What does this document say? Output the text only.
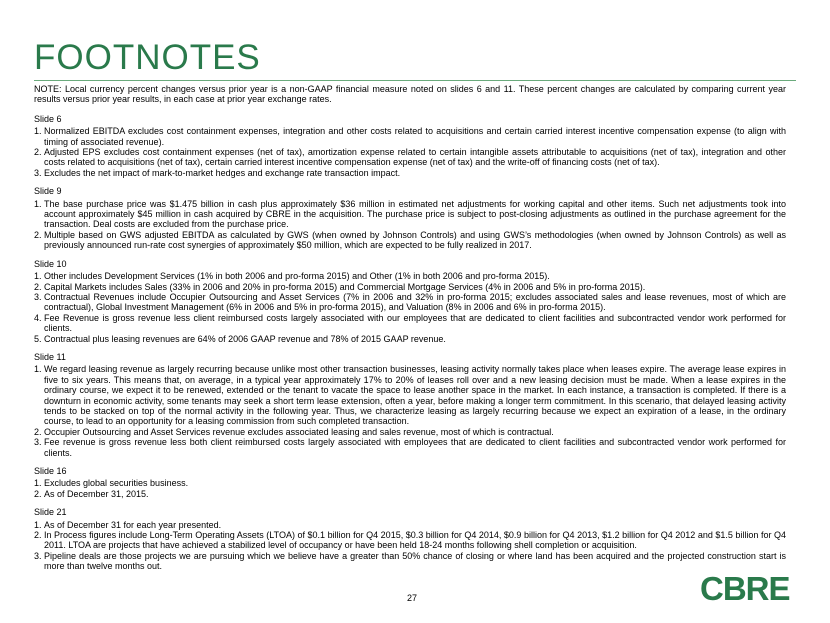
FOOTNOTES

NOTE: Local currency percent changes versus prior year is a non-GAAP financial measure noted on slides 6 and 11. These percent changes are calculated by comparing current year results versus prior year results, in each case at prior year exchange rates.

Slide 6
1. Normalized EBITDA excludes cost containment expenses, integration and other costs related to acquisitions and certain carried interest incentive compensation expense (to align with timing of associated revenue).
2. Adjusted EPS excludes cost containment expenses (net of tax), amortization expense related to certain intangible assets attributable to acquisitions (net of tax), integration and other costs related to acquisitions (net of tax), certain carried interest incentive compensation expense (net of tax) and the write-off of financing costs (net of tax).
3. Excludes the net impact of mark-to-market hedges and exchange rate transaction impact.
Slide 9
1. The base purchase price was $1.475 billion in cash plus approximately $36 million in estimated net adjustments for working capital and other items. Such net adjustments took into account approximately $45 million in cash acquired by CBRE in the acquisition. The purchase price is subject to post-closing adjustments as outlined in the purchase agreement for the transaction. Deal costs are excluded from the purchase price.
2. Multiple based on GWS adjusted EBITDA as calculated by GWS (when owned by Johnson Controls) and using GWS’s methodologies (when owned by Johnson Controls) as well as previously announced run-rate cost synergies of approximately $50 million, which are expected to be fully realized in 2017.
Slide 10
1. Other includes Development Services (1% in both 2006 and pro-forma 2015) and Other (1% in both 2006 and pro-forma 2015).
2. Capital Markets includes Sales (33% in 2006 and 20% in pro-forma 2015) and Commercial Mortgage Services (4% in 2006 and 5% in pro-forma 2015).
3. Contractual Revenues include Occupier Outsourcing and Asset Services (7% in 2006 and 32% in pro-forma 2015; excludes associated sales and lease revenues, most of which are contractual), Global Investment Management (6% in 2006 and 5% in pro-forma 2015), and Valuation (8% in 2006 and 6% in pro-forma 2015).
4. Fee Revenue is gross revenue less client reimbursed costs largely associated with our employees that are dedicated to client facilities and subcontracted vendor work performed for clients.
5. Contractual plus leasing revenues are 64% of 2006 GAAP revenue and 78% of 2015 GAAP revenue.
Slide 11
1. We regard leasing revenue as largely recurring because unlike most other transaction businesses, leasing activity normally takes place when leases expire. The average lease expires in five to six years. This means that, on average, in a typical year approximately 17% to 20% of leases roll over and a new leasing decision must be made. When a lease expires in the ordinary course, we expect it to be renewed, extended or the tenant to vacate the space to lease another space in the market. In each instance, a transaction is completed. If there is a downturn in economic activity, some tenants may seek a short term lease extension, often a year, before making a longer term commitment. In this scenario, that delayed leasing activity tends to be stacked on top of the normal activity in the following year. Thus, we characterize leasing as largely recurring because we expect an expiration of a lease, in the ordinary course, to lead to an opportunity for a leasing commission from such completed transaction.
2. Occupier Outsourcing and Asset Services revenue excludes associated leasing and sales revenue, most of which is contractual.
3. Fee revenue is gross revenue less both client reimbursed costs largely associated with employees that are dedicated to client facilities and subcontracted vendor work performed for clients.
Slide 16
1. Excludes global securities business.
2. As of December 31, 2015.
Slide 21
1. As of December 31 for each year presented.
2. In Process figures include Long-Term Operating Assets (LTOA) of $0.1 billion for Q4 2015, $0.3 billion for Q4 2014, $0.9 billion for Q4 2013, $1.2 billion for Q4 2012 and $1.5 billion for Q4 2011. LTOA are projects that have achieved a stabilized level of occupancy or have been held 18-24 months following shell completion or acquisition.
3. Pipeline deals are those projects we are pursuing which we believe have a greater than 50% chance of closing or where land has been acquired and the projected construction start is more than twelve months out.
27	CBRE
